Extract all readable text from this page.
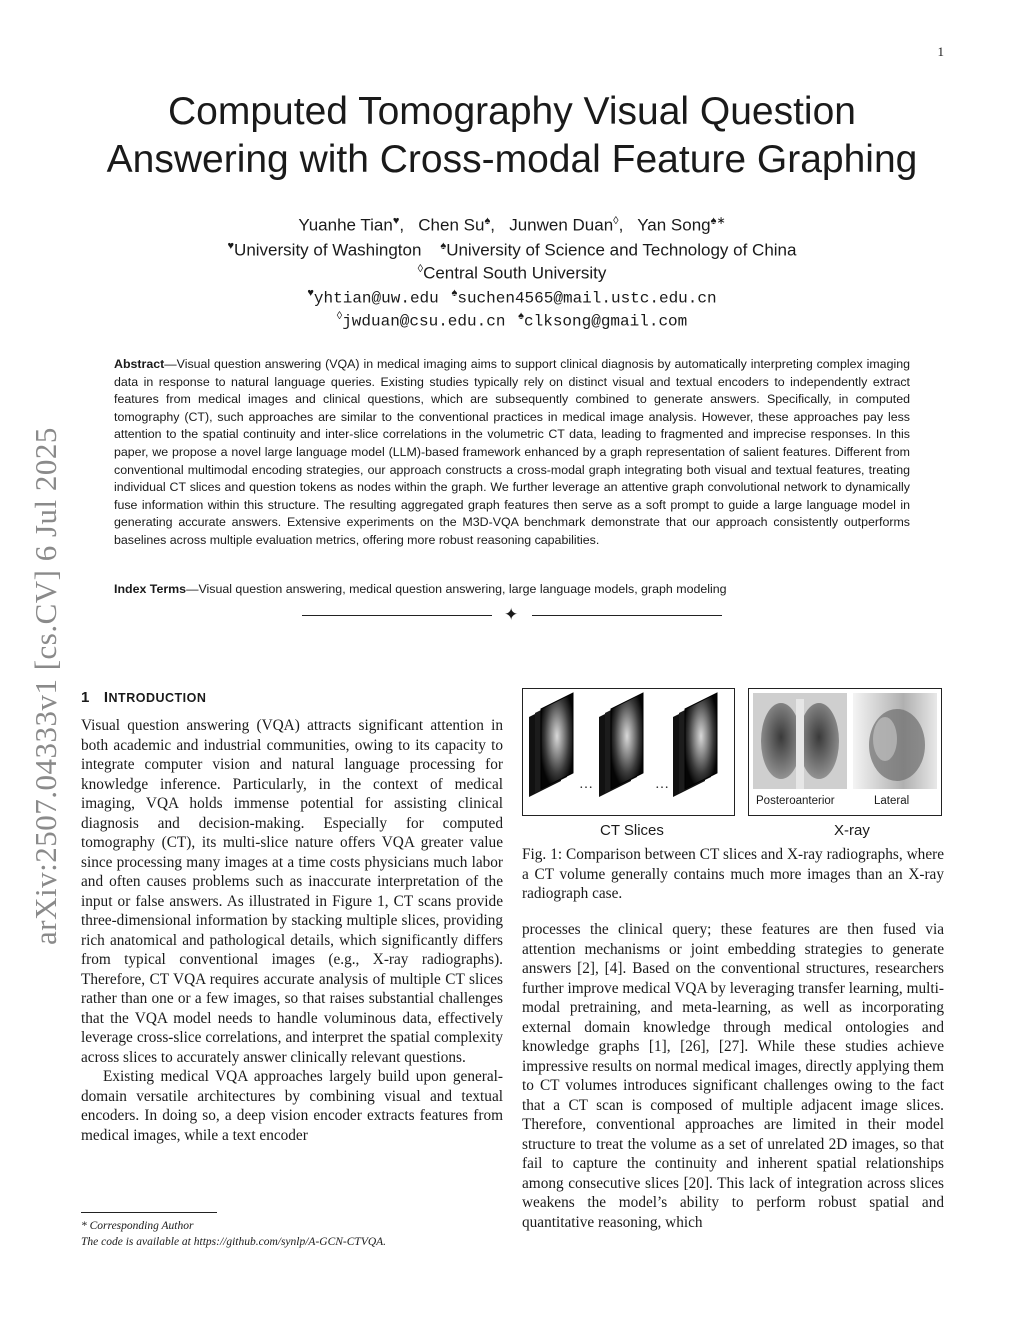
1
Computed Tomography Visual Question
Answering with Cross-modal Feature Graphing
Yuanhe Tian♥,   Chen Su♠,   Junwen Duan◊,   Yan Song♠∗
♥University of Washington ♠University of Science and Technology of China
◊Central South University
♥yhtian@uw.edu ♠suchen4565@mail.ustc.edu.cn
◊jwduan@csu.edu.cn ♠clksong@gmail.com
arXiv:2507.04333v1 [cs.CV] 6 Jul 2025
Abstract—Visual question answering (VQA) in medical imaging aims to support clinical diagnosis by automatically interpreting complex imaging data in response to natural language queries. Existing studies typically rely on distinct visual and textual encoders to independently extract features from medical images and clinical questions, which are subsequently combined to generate answers. Specifically, in computed tomography (CT), such approaches are similar to the conventional practices in medical image analysis. However, these approaches pay less attention to the spatial continuity and inter-slice correlations in the volumetric CT data, leading to fragmented and imprecise responses. In this paper, we propose a novel large language model (LLM)-based framework enhanced by a graph representation of salient features. Different from conventional multimodal encoding strategies, our approach constructs a cross-modal graph integrating both visual and textual features, treating individual CT slices and question tokens as nodes within the graph. We further leverage an attentive graph convolutional network to dynamically fuse information within this structure. The resulting aggregated graph features then serve as a soft prompt to guide a large language model in generating accurate answers. Extensive experiments on the M3D-VQA benchmark demonstrate that our approach consistently outperforms baselines across multiple evaluation metrics, offering more robust reasoning capabilities.
Index Terms—Visual question answering, medical question answering, large language models, graph modeling
✦
1 INTRODUCTION

Visual question answering (VQA) attracts significant attention in both academic and industrial communities, owing to its capacity to integrate computer vision and natural language processing for knowledge inference. Particularly, in the context of medical imaging, VQA holds immense potential for assisting clinical diagnosis and decision-making. Especially for computed tomography (CT), its multi-slice nature offers VQA greater value since processing many images at a time costs physicians much labor and often causes problems such as inaccurate interpretation of the input or false answers. As illustrated in Figure 1, CT scans provide three-dimensional information by stacking multiple slices, providing rich anatomical and pathological details, which significantly differs from typical conventional images (e.g., X-ray radiographs). Therefore, CT VQA requires accurate analysis of multiple CT slices rather than one or a few images, so that raises substantial challenges that the VQA model needs to handle voluminous data, effectively leverage cross-slice correlations, and interpret the spatial complexity across slices to accurately answer clinically relevant questions.

Existing medical VQA approaches largely build upon general-domain versatile architectures by combining visual and textual encoders. In doing so, a deep vision encoder extracts features from medical images, while a text encoder

…	…
Posteroanterior	Lateral
CT Slices	X-ray
Fig. 1: Comparison between CT slices and X-ray radiographs, where a CT volume generally contains much more images than an X-ray radiograph case.

processes the clinical query; these features are then fused via attention mechanisms or joint embedding strategies to generate answers [2], [4]. Based on the conventional structures, researchers further improve medical VQA by leveraging transfer learning, multi-modal pretraining, and meta-learning, as well as incorporating external domain knowledge through medical ontologies and knowledge graphs [1], [26], [27]. While these studies achieve impressive results on normal medical images, directly applying them to CT volumes introduces significant challenges owing to the fact that a CT scan is composed of multiple adjacent image slices. Therefore, conventional approaches are limited in their model structure to treat the volume as a set of unrelated 2D images, so that fail to capture the continuity and inherent spatial relationships among consecutive slices [20]. This lack of integration across slices weakens the model’s ability to perform robust spatial and quantitative reasoning, which

* Corresponding Author
The code is available at https://github.com/synlp/A-GCN-CTVQA.
